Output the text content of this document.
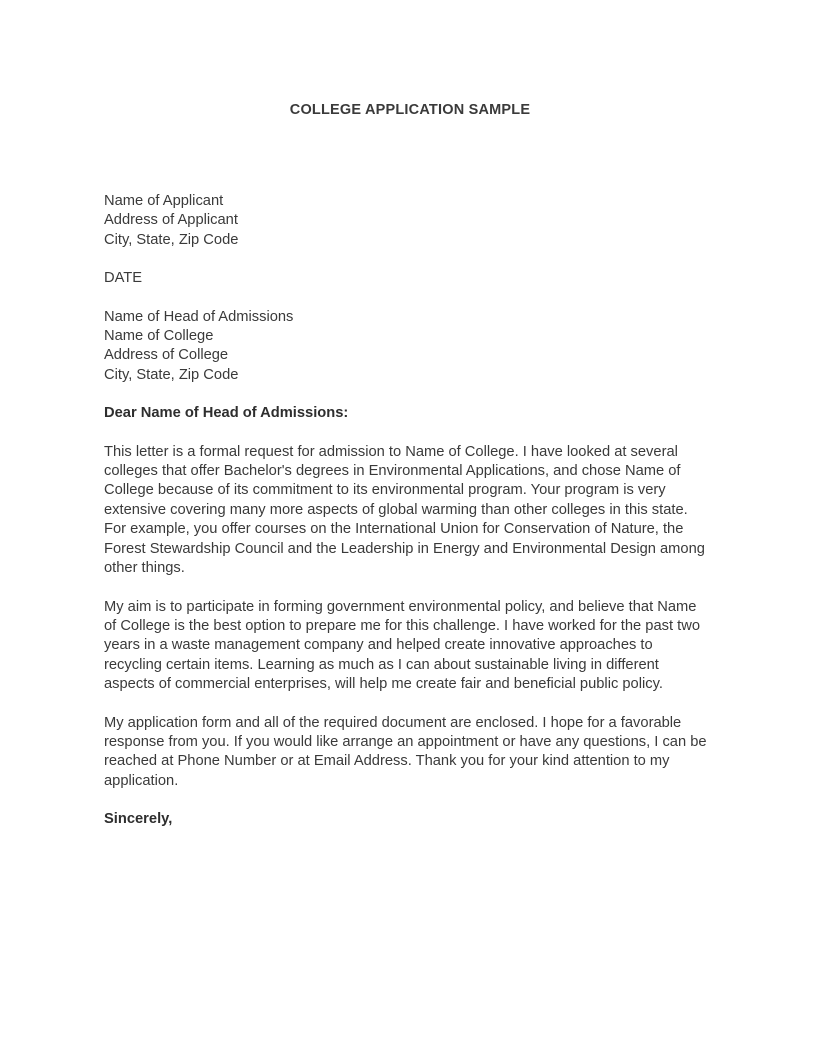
COLLEGE APPLICATION SAMPLE
Name of Applicant
Address of Applicant
City, State, Zip Code
DATE
Name of Head of Admissions
Name of College
Address of College
City, State, Zip Code
Dear Name of Head of Admissions:
This letter is a formal request for admission to Name of College. I have looked at several colleges that offer Bachelor's degrees in Environmental Applications, and chose Name of College because of its commitment to its environmental program. Your program is very extensive covering many more aspects of global warming than other colleges in this state. For example, you offer courses on the International Union for Conservation of Nature, the Forest Stewardship Council and the Leadership in Energy and Environmental Design among other things.
My aim is to participate in forming government environmental policy, and believe that Name of College is the best option to prepare me for this challenge. I have worked for the past two years in a waste management company and helped create innovative approaches to recycling certain items. Learning as much as I can about sustainable living in different aspects of commercial enterprises, will help me create fair and beneficial public policy.
My application form and all of the required document are enclosed. I hope for a favorable response from you. If you would like arrange an appointment or have any questions, I can be reached at Phone Number or at Email Address. Thank you for your kind attention to my application.
Sincerely,
